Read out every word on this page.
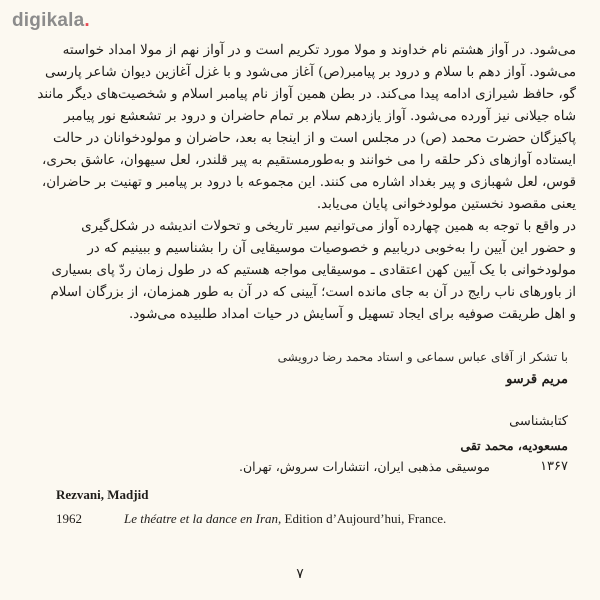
digikala.
می‌شود. در آواز هشتم نام خداوند و مولا مورد تکریم است و در آواز نهم از مولا امداد خواسته
می‌شود. آواز دهم با سلام و درود بر پیامبر(ص) آغاز می‌شود و با غزل آغازین دیوان شاعر پارسی
گو، حافظ شیرازی ادامه پیدا می‌کند. در بطن همین آواز نام پیامبر اسلام و شخصیت‌های دیگر مانند
شاه جیلانی نیز آورده می‌شود. آواز یازدهم سلام بر تمام حاضران و درود بر تشعشع نور پیامبر
پاکیزگان حضرت محمد (ص) در مجلس است و از اینجا به بعد، حاضران و مولودخوانان در حالت
ایستاده آوازهای ذکر حلقه را می خوانند و به‌طورمستقیم به پیر قلندر، لعل سیهوان، عاشق بحری،
قوس، لعل شهبازی و پیر بغداد اشاره می کنند. این مجموعه با درود بر پیامبر و تهنیت بر حاضران،
یعنی مقصود نخستین مولودخوانی پایان می‌یابد.
در واقع با توجه به همین چهارده آواز می‌توانیم سیر تاریخی و تحولات اندیشه در شکل‌گیری
و حضور این آیین را به‌خوبی دریابیم و خصوصیات موسیقایی آن را بشناسیم و ببینیم که در
مولودخوانی با یک آیین کهن اعتقادی ـ موسیقایی مواجه هستیم که در طول زمان ردّ پای بسیاری
از باورهای ناب رایج در آن به جای مانده است؛ آیینی که در آن به طور همزمان، از بزرگان اسلام
و اهل طریقت صوفیه برای ایجاد تسهیل و آسایش در حیات امداد طلبیده می‌شود.
با تشکر از آقای عباس سماعی و استاد محمد رضا درویشی
مریم قرسو
کتابشناسی
مسعودیه، محمد تقی
۱۳۶۷
موسیقی مذهبی ایران، انتشارات سروش، تهران.
Rezvani, Madjid
1962	Le théatre et la dance en Iran, Edition d’Aujourd’hui, France.
۷
